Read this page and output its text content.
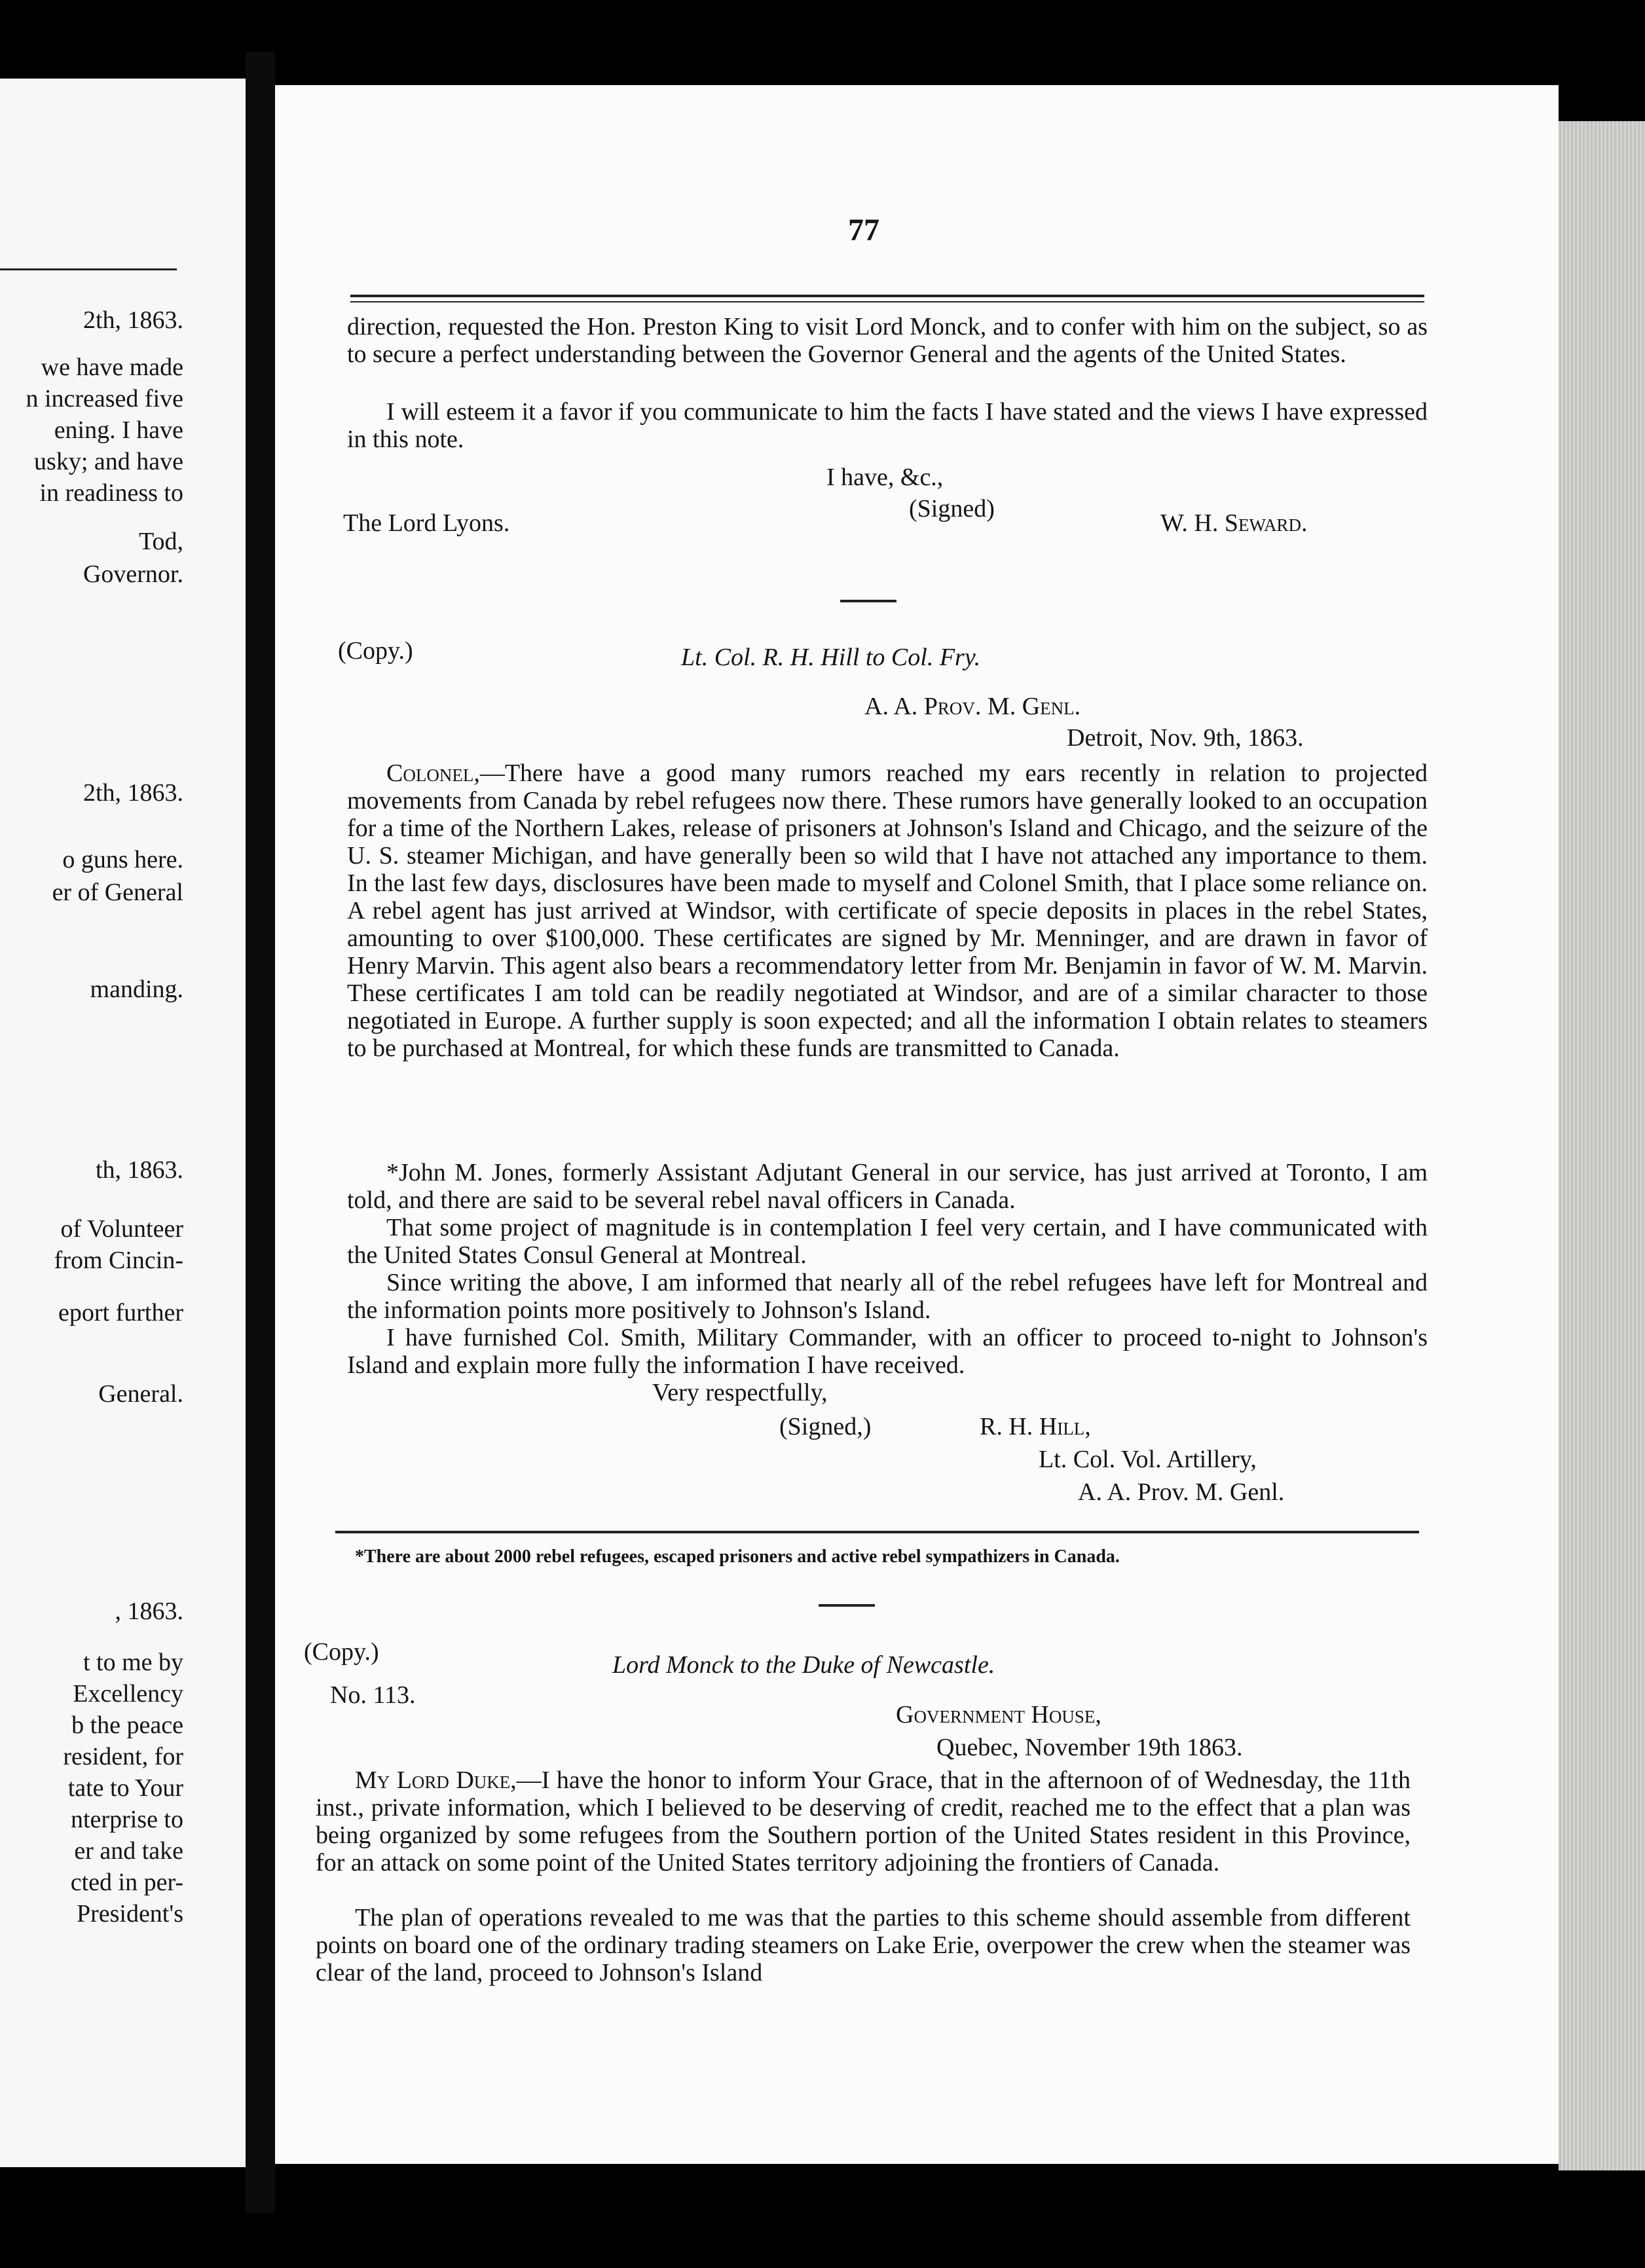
2th, 1863.
we have made
n increased five
ening. I have
usky; and have
in readiness to
Tod,
Governor.
2th, 1863.
o guns here.
er of General
manding.
th, 1863.
of Volunteer
from Cincin-
eport further
General.
, 1863.
t to me by
Excellency
b the peace
resident, for
tate to Your
nterprise to
er and take
cted in per-
President's
77

direction, requested the Hon. Preston King to visit Lord Monck, and to confer with him on the subject, so as to secure a perfect understanding between the Governor General and the agents of the United States.

I will esteem it a favor if you communicate to him the facts I have stated and the views I have expressed in this note.

I have, &c.,
(Signed)
W. H. Seward.
The Lord Lyons.
(Copy.)	Lt. Col. R. H. Hill to Col. Fry.
A. A. Prov. M. Genl.
Detroit, Nov. 9th, 1863.

Colonel,—There have a good many rumors reached my ears recently in relation to projected movements from Canada by rebel refugees now there. These rumors have generally looked to an occupation for a time of the Northern Lakes, release of prisoners at Johnson's Island and Chicago, and the seizure of the U. S. steamer Michigan, and have generally been so wild that I have not attached any importance to them. In the last few days, disclosures have been made to myself and Colonel Smith, that I place some reliance on. A rebel agent has just arrived at Windsor, with certificate of specie deposits in places in the rebel States, amounting to over $100,000. These certificates are signed by Mr. Menninger, and are drawn in favor of Henry Marvin. This agent also bears a recommendatory letter from Mr. Benjamin in favor of W. M. Marvin. These certificates I am told can be readily negotiated at Windsor, and are of a similar character to those negotiated in Europe. A further supply is soon expected; and all the information I obtain relates to steamers to be purchased at Montreal, for which these funds are transmitted to Canada.

*John M. Jones, formerly Assistant Adjutant General in our service, has just arrived at Toronto, I am told, and there are said to be several rebel naval officers in Canada.

That some project of magnitude is in contemplation I feel very certain, and I have communicated with the United States Consul General at Montreal.

Since writing the above, I am informed that nearly all of the rebel refugees have left for Montreal and the information points more positively to Johnson's Island.

I have furnished Col. Smith, Military Commander, with an officer to proceed to-night to Johnson's Island and explain more fully the information I have received.

Very respectfully,
(Signed,)	R. H. Hill,
Lt. Col. Vol. Artillery,
A. A. Prov. M. Genl.
*There are about 2000 rebel refugees, escaped prisoners and active rebel sympathizers in Canada.
(Copy.)
No. 113.
Lord Monck to the Duke of Newcastle.
Government House,
Quebec, November 19th 1863.

My Lord Duke,—I have the honor to inform Your Grace, that in the afternoon of of Wednesday, the 11th inst., private information, which I believed to be deserving of credit, reached me to the effect that a plan was being organized by some refugees from the Southern portion of the United States resident in this Province, for an attack on some point of the United States territory adjoining the frontiers of Canada.

The plan of operations revealed to me was that the parties to this scheme should assemble from different points on board one of the ordinary trading steamers on Lake Erie, overpower the crew when the steamer was clear of the land, proceed to Johnson's Island
